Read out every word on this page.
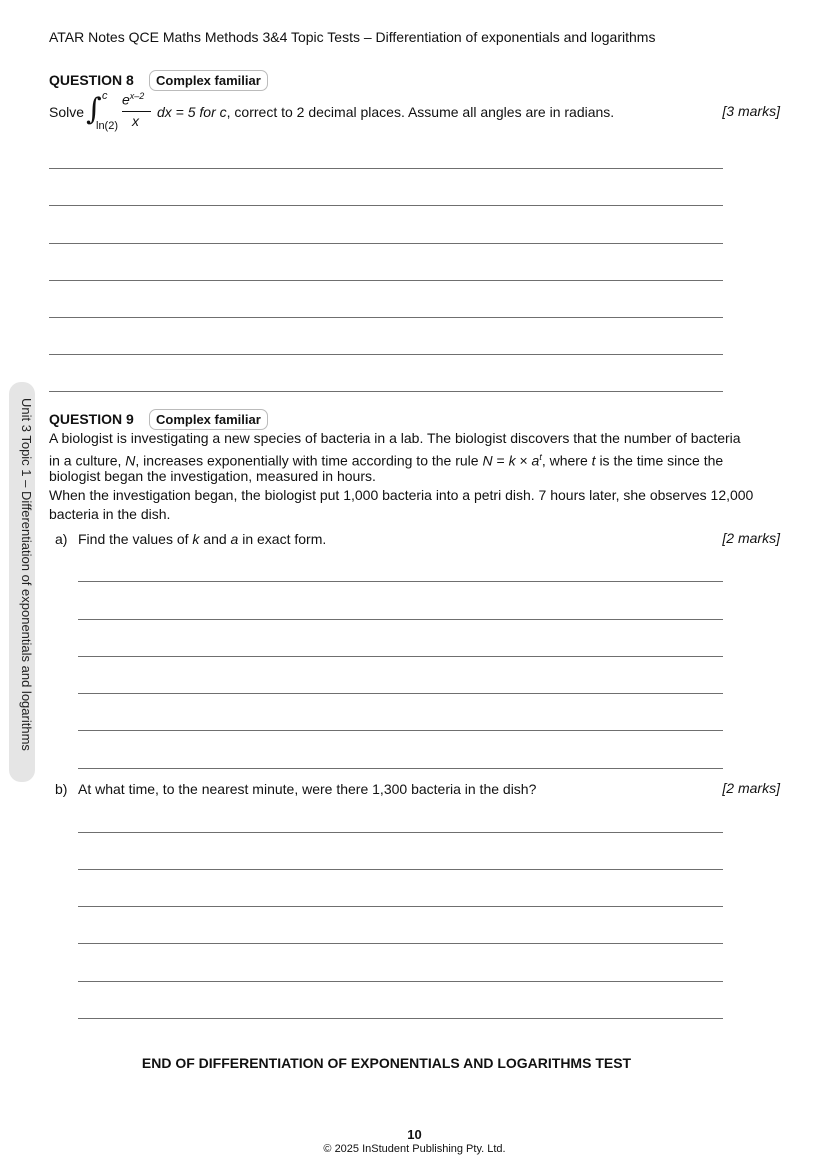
ATAR Notes QCE Maths Methods 3&4 Topic Tests – Differentiation of exponentials and logarithms
Unit 3 Topic 1 – Differentiation of exponentials and logarithms
QUESTION 8	Complex familiar
Solve ∫ c
ln(2)
$e^{x-2}$
x
dx = 5 for c, correct to 2 decimal places. Assume all angles are in radians.	[3 marks]
QUESTION 9	Complex familiar
A biologist is investigating a new species of bacteria in a lab. The biologist discovers that the number of bacteria
in a culture, N, increases exponentially with time according to the rule $N = k \times a^t$, where t is the time since the
biologist began the investigation, measured in hours.
When the investigation began, the biologist put 1,000 bacteria into a petri dish. 7 hours later, she observes 12,000
bacteria in the dish.
a) Find the values of k and a in exact form.	[2 marks]
b) At what time, to the nearest minute, were there 1,300 bacteria in the dish?	[2 marks]
END OF DIFFERENTIATION OF EXPONENTIALS AND LOGARITHMS TEST
10
© 2025 InStudent Publishing Pty. Ltd.
